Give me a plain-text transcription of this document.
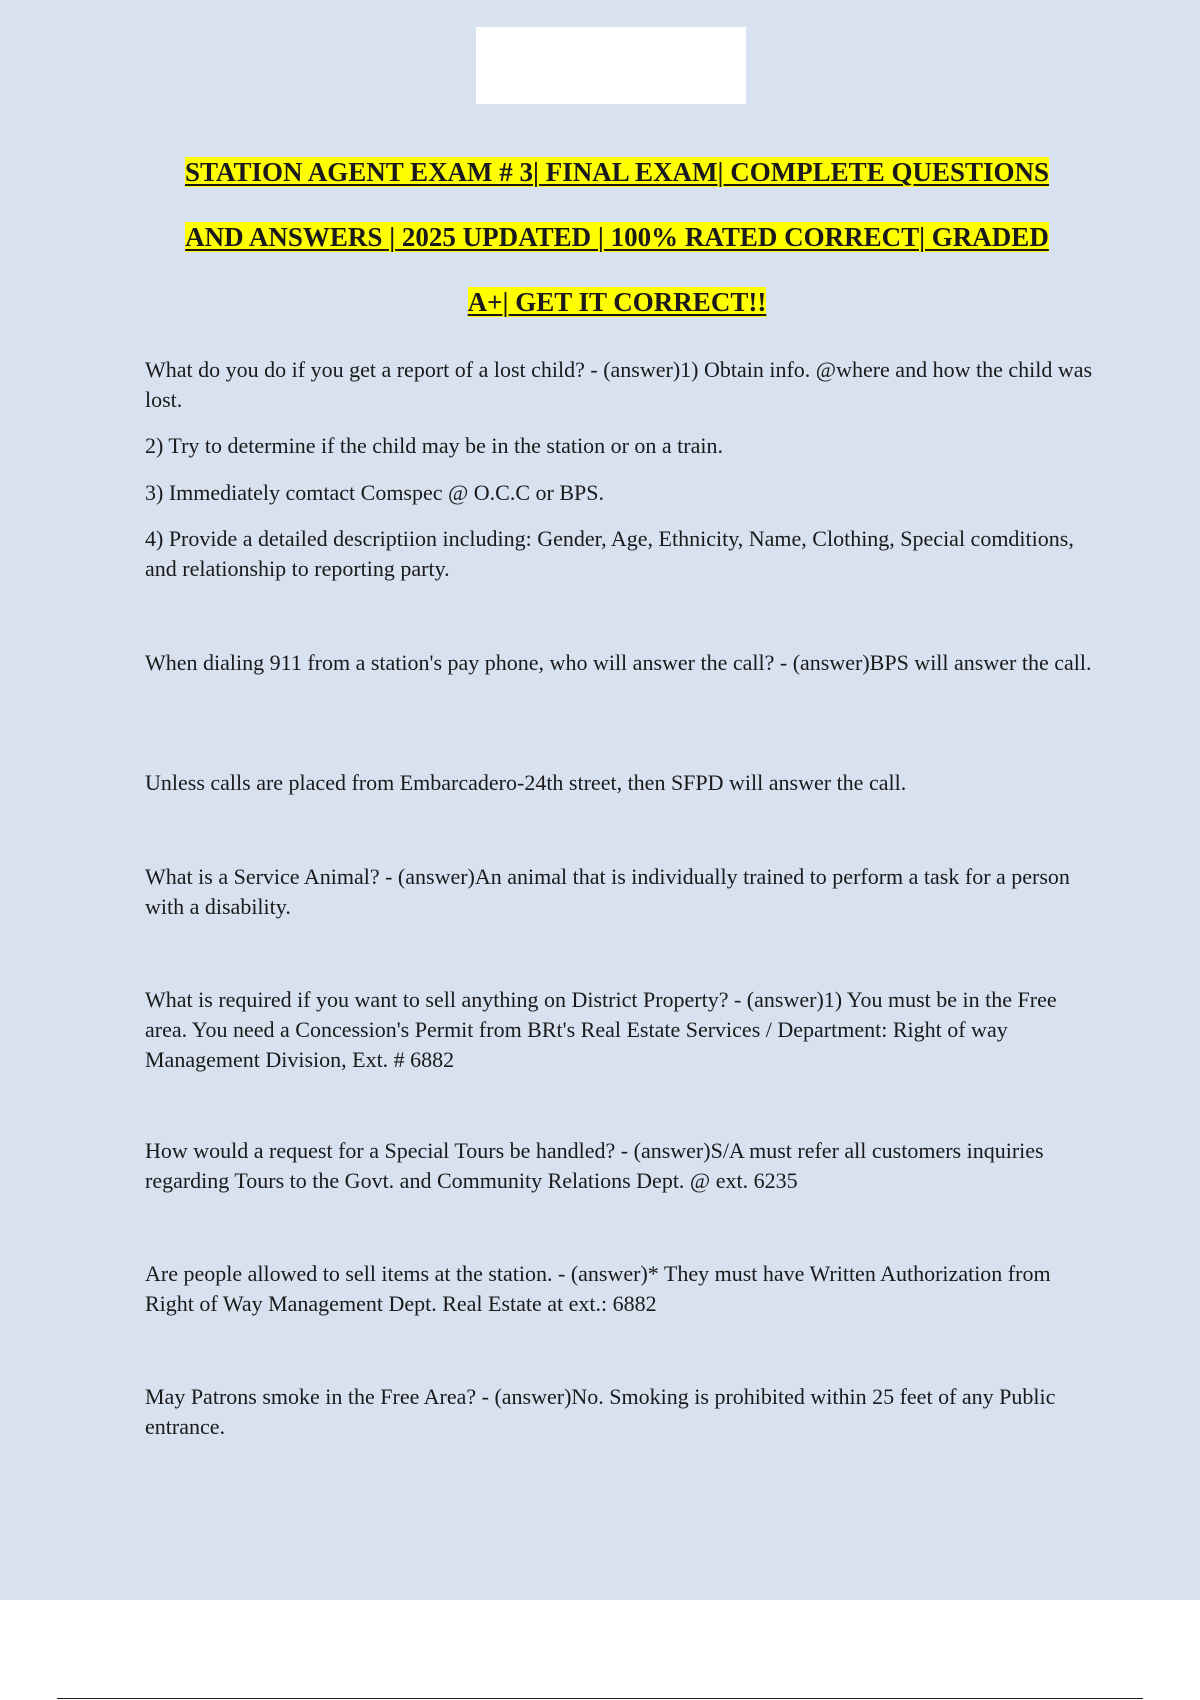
STATION AGENT EXAM # 3| FINAL EXAM| COMPLETE QUESTIONS
AND ANSWERS | 2025 UPDATED | 100% RATED CORRECT| GRADED
A+| GET IT CORRECT!!

What do you do if you get a report of a lost child? - (answer)1) Obtain info. @where and how the child was lost.

2) Try to determine if the child may be in the station or on a train.

3) Immediately comtact Comspec @ O.C.C or BPS.

4) Provide a detailed descriptiion including: Gender, Age, Ethnicity, Name, Clothing, Special comditions, and relationship to reporting party.

When dialing 911 from a station's pay phone, who will answer the call? - (answer)BPS will answer the call.

Unless calls are placed from Embarcadero-24th street, then SFPD will answer the call.

What is a Service Animal? - (answer)An animal that is individually trained to perform a task for a person with a disability.

What is required if you want to sell anything on District Property? - (answer)1) You must be in the Free area. You need a Concession's Permit from BRt's Real Estate Services / Department: Right of way Management Division, Ext. # 6882

How would a request for a Special Tours be handled? - (answer)S/A must refer all customers inquiries regarding Tours to the Govt. and Community Relations Dept. @ ext. 6235

Are people allowed to sell items at the station. - (answer)* They must have Written Authorization from Right of Way Management Dept. Real Estate at ext.: 6882

May Patrons smoke in the Free Area? - (answer)No. Smoking is prohibited within 25 feet of any Public entrance.
